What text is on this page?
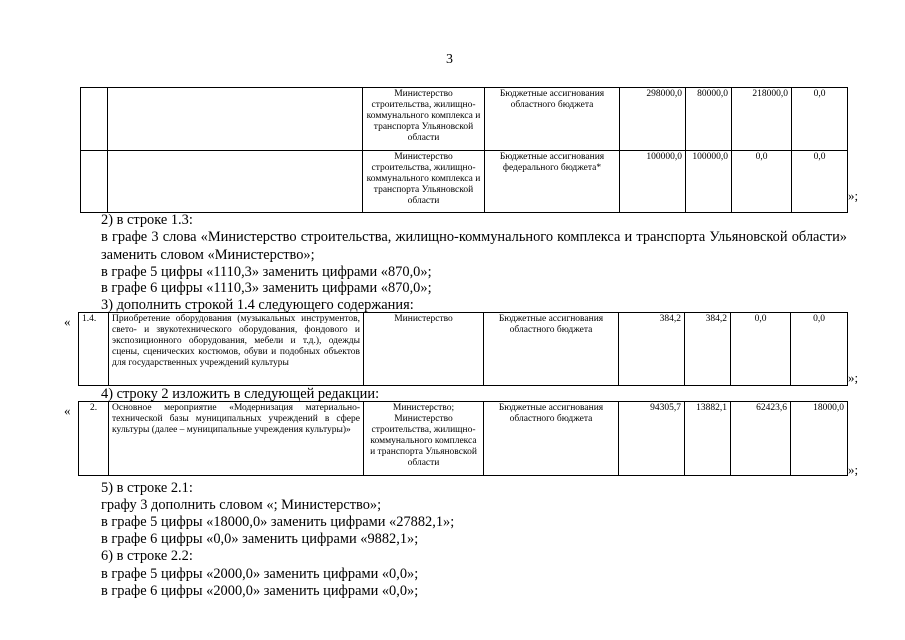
3
		Министерство строительства, жилищно-коммунального комплекса и транспорта Ульяновской области	Бюджетные ассигнования областного бюджета	298000,0	80000,0	218000,0	0,0
		Министерство строительства, жилищно-коммунального комплекса и транспорта Ульяновской области	Бюджетные ассигнования федерального бюджета*	100000,0	100000,0	0,0	0,0
»;
2) в строке 1.3:
в графе 3 слова «Министерство строительства, жилищно-коммунального комплекса и транспорта Ульяновской области» заменить словом «Министерство»;
в графе 5 цифры «1110,3» заменить цифрами «870,0»;
в графе 6 цифры «1110,3» заменить цифрами «870,0»;
3) дополнить строкой 1.4 следующего содержания:
« 1.4.	Приобретение оборудования (музыкальных инструментов, свето- и звукотехнического оборудования, фондового и экспозиционного оборудования, мебели и т.д.), одежды сцены, сценических костюмов, обуви и подобных объектов для государственных учреждений культуры	Министерство	Бюджетные ассигнования областного бюджета	384,2	384,2	0,0	0,0
»;
4) строку 2 изложить в следующей редакции:
« 2.	Основное мероприятие «Модернизация материально-технической базы муниципальных учреждений в сфере культуры (далее – муниципальные учреждения культуры)»	Министерство; Министерство строительства, жилищно-коммунального комплекса и транспорта Ульяновской области	Бюджетные ассигнования областного бюджета	94305,7	13882,1	62423,6	18000,0
»;
5) в строке 2.1:
графу 3 дополнить словом «; Министерство»;
в графе 5 цифры «18000,0» заменить цифрами «27882,1»;
в графе 6 цифры «0,0» заменить цифрами «9882,1»;
6) в строке 2.2:
в графе 5 цифры «2000,0» заменить цифрами «0,0»;
в графе 6 цифры «2000,0» заменить цифрами «0,0»;
